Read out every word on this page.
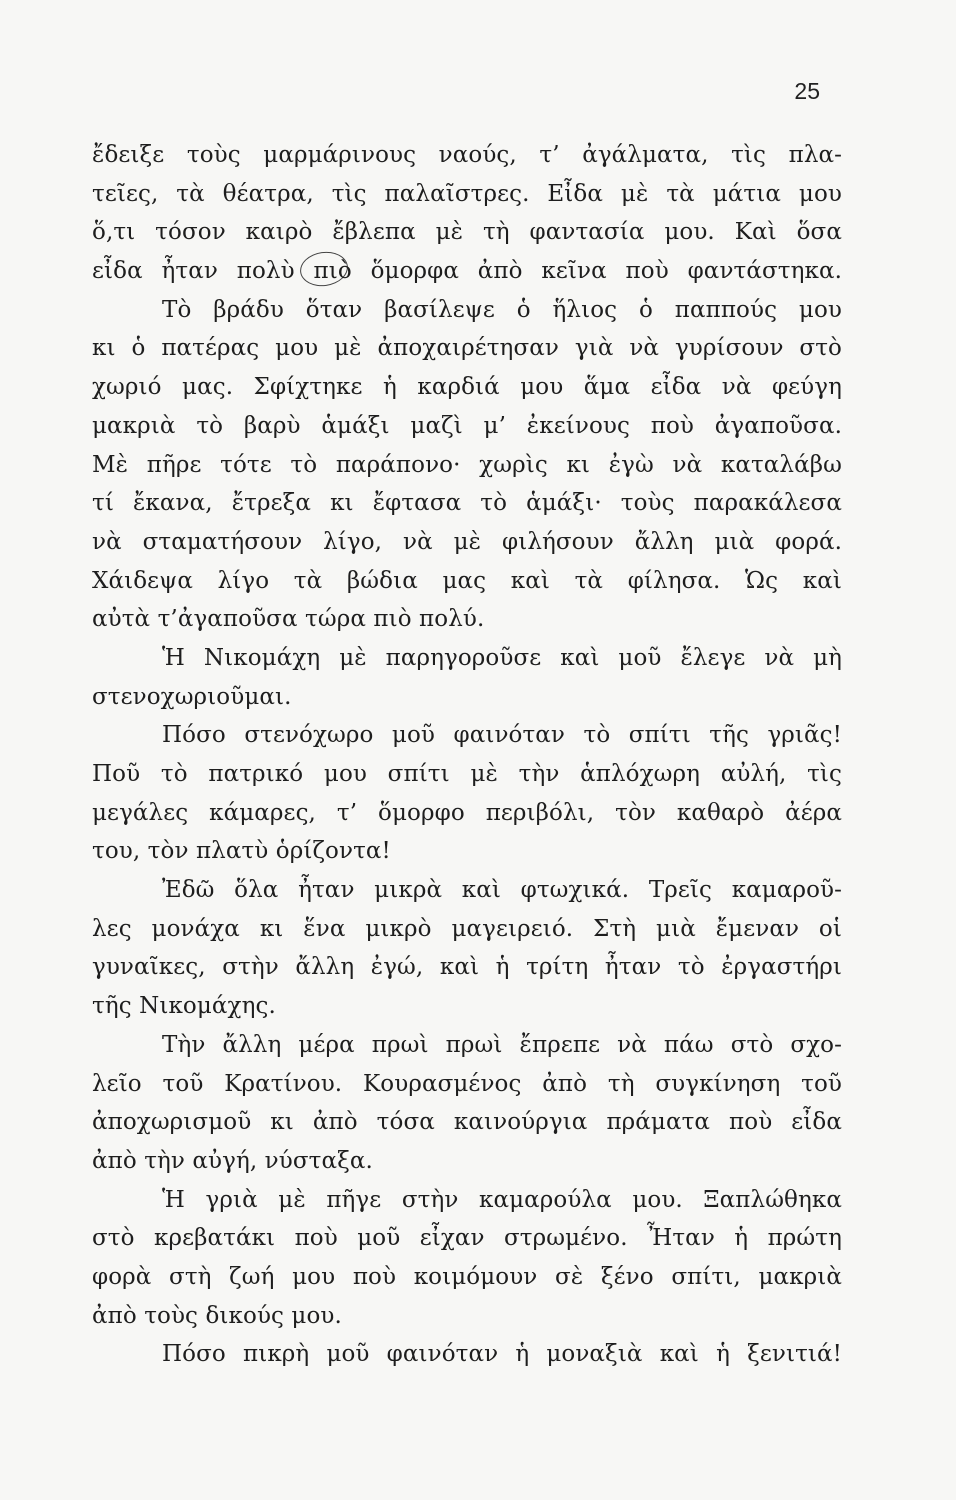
25
ἔδειξε τοὺς μαρμάρινους ναούς, τ’ ἀγάλματα, τὶς πλα-
τεῖες, τὰ θέατρα, τὶς παλαῖστρες. Εἶδα μὲ τὰ μάτια μου
ὅ,τι τόσον καιρὸ ἔβλεπα μὲ τὴ φαντασία μου. Καὶ ὅσα
εἶδα ἦταν πολὺ πιὸ ὅμορφα ἀπὸ κεῖνα ποὺ φαντάστηκα.
Τὸ βράδυ ὅταν βασίλεψε ὁ ἥλιος ὁ παππούς μου
κι ὁ πατέρας μου μὲ ἀποχαιρέτησαν γιὰ νὰ γυρίσουν στὸ
χωριό μας. Σφίχτηκε ἡ καρδιά μου ἅμα εἶδα νὰ φεύγη
μακριὰ τὸ βαρὺ ἁμάξι μαζὶ μ’ ἐκείνους ποὺ ἀγαποῦσα.
Μὲ πῆρε τότε τὸ παράπονο· χωρὶς κι ἐγὼ νὰ καταλάβω
τί ἔκανα, ἔτρεξα κι ἔφτασα τὸ ἁμάξι· τοὺς παρακάλεσα
νὰ σταματήσουν λίγο, νὰ μὲ φιλήσουν ἄλλη μιὰ φορά.
Χάιδεψα λίγο τὰ βώδια μας καὶ τὰ φίλησα. Ὡς καὶ
αὐτὰ τ’ἀγαποῦσα τώρα πιὸ πολύ.
Ἡ Νικομάχη μὲ παρηγοροῦσε καὶ μοῦ ἔλεγε νὰ μὴ
στενοχωριοῦμαι.
Πόσο στενόχωρο μοῦ φαινόταν τὸ σπίτι τῆς γριᾶς!
Ποῦ τὸ πατρικό μου σπίτι μὲ τὴν ἁπλόχωρη αὐλή, τὶς
μεγάλες κάμαρες, τ’ ὅμορφο περιβόλι, τὸν καθαρὸ ἀέρα
του, τὸν πλατὺ ὁρίζοντα!
Ἐδῶ ὅλα ἦταν μικρὰ καὶ φτωχικά. Τρεῖς καμαροῦ-
λες μονάχα κι ἕνα μικρὸ μαγειρειό. Στὴ μιὰ ἔμεναν οἱ
γυναῖκες, στὴν ἄλλη ἐγώ, καὶ ἡ τρίτη ἦταν τὸ ἐργαστήρι
τῆς Νικομάχης.
Τὴν ἄλλη μέρα πρωὶ πρωὶ ἔπρεπε νὰ πάω στὸ σχο-
λεῖο τοῦ Κρατίνου. Κουρασμένος ἀπὸ τὴ συγκίνηση τοῦ
ἀποχωρισμοῦ κι ἀπὸ τόσα καινούργια πράματα ποὺ εἶδα
ἀπὸ τὴν αὐγή, νύσταξα.
Ἡ γριὰ μὲ πῆγε στὴν καμαρούλα μου. Ξαπλώθηκα
στὸ κρεβατάκι ποὺ μοῦ εἶχαν στρωμένο. Ἦταν ἡ πρώτη
φορὰ στὴ ζωή μου ποὺ κοιμόμουν σὲ ξένο σπίτι, μακριὰ
ἀπὸ τοὺς δικούς μου.
Πόσο πικρὴ μοῦ φαινόταν ἡ μοναξιὰ καὶ ἡ ξενιτιά!
